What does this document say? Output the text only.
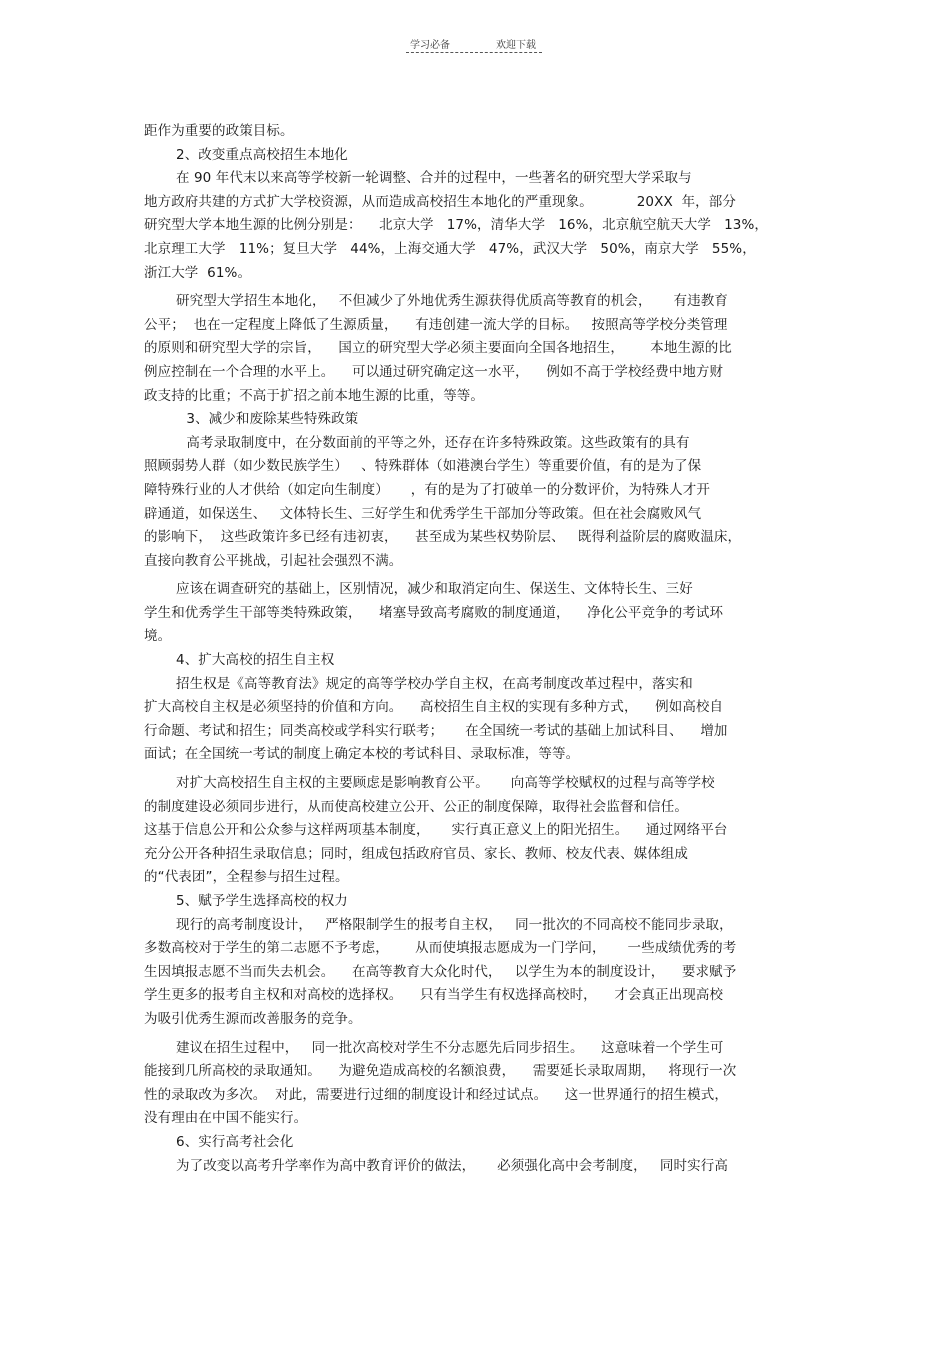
学习必备	欢迎下载
距作为重要的政策目标。
2、改变重点高校招生本地化
在 90 年代末以来高等学校新一轮调整、合并的过程中，一些著名的研究型大学采取与
地方政府共建的方式扩大学校资源，从而造成高校招生本地化的严重现象。          20XX  年，部分
研究型大学本地生源的比例分别是：    北京大学   17%，清华大学   16%，北京航空航天大学   13%，
北京理工大学   11%；复旦大学   44%，上海交通大学   47%，武汉大学   50%，南京大学   55%，
浙江大学  61%。
研究型大学招生本地化，   不但减少了外地优秀生源获得优质高等教育的机会，     有违教育
公平；  也在一定程度上降低了生源质量，    有违创建一流大学的目标。   按照高等学校分类管理
的原则和研究型大学的宗旨，    国立的研究型大学必须主要面向全国各地招生，      本地生源的比
例应控制在一个合理的水平上。    可以通过研究确定这一水平，    例如不高于学校经费中地方财
政支持的比重；不高于扩招之前本地生源的比重，等等。
3、减少和废除某些特殊政策
高考录取制度中，在分数面前的平等之外，还存在许多特殊政策。这些政策有的具有
照顾弱势人群（如少数民族学生）   、特殊群体（如港澳台学生）等重要价值，有的是为了保
障特殊行业的人才供给（如定向生制度）     ，有的是为了打破单一的分数评价，为特殊人才开
辟通道，如保送生、   文体特长生、三好学生和优秀学生干部加分等政策。但在社会腐败风气
的影响下，  这些政策许多已经有违初衷，    甚至成为某些权势阶层、   既得利益阶层的腐败温床，
直接向教育公平挑战，引起社会强烈不满。
应该在调查研究的基础上，区别情况，减少和取消定向生、保送生、文体特长生、三好
学生和优秀学生干部等类特殊政策，    堵塞导致高考腐败的制度通道，    净化公平竞争的考试环
境。
4、扩大高校的招生自主权
招生权是《高等教育法》规定的高等学校办学自主权，在高考制度改革过程中，落实和
扩大高校自主权是必须坚持的价值和方向。    高校招生自主权的实现有多种方式，    例如高校自
行命题、考试和招生；同类高校或学科实行联考；     在全国统一考试的基础上加试科目、    增加
面试；在全国统一考试的制度上确定本校的考试科目、录取标准，等等。
对扩大高校招生自主权的主要顾虑是影响教育公平。     向高等学校赋权的过程与高等学校
的制度建设必须同步进行，从而使高校建立公开、公正的制度保障，取得社会监督和信任。
这基于信息公开和公众参与这样两项基本制度，     实行真正意义上的阳光招生。    通过网络平台
充分公开各种招生录取信息；同时，组成包括政府官员、家长、教师、校友代表、媒体组成
的“代表团”，全程参与招生过程。
5、赋予学生选择高校的权力
现行的高考制度设计，   严格限制学生的报考自主权，   同一批次的不同高校不能同步录取，
多数高校对于学生的第二志愿不予考虑，      从而使填报志愿成为一门学问，     一些成绩优秀的考
生因填报志愿不当而失去机会。    在高等教育大众化时代，   以学生为本的制度设计，    要求赋予
学生更多的报考自主权和对高校的选择权。    只有当学生有权选择高校时，    才会真正出现高校
为吸引优秀生源而改善服务的竞争。
建议在招生过程中，   同一批次高校对学生不分志愿先后同步招生。    这意味着一个学生可
能接到几所高校的录取通知。    为避免造成高校的名额浪费，    需要延长录取周期，   将现行一次
性的录取改为多次。  对此，需要进行过细的制度设计和经过试点。    这一世界通行的招生模式，
没有理由在中国不能实行。
6、实行高考社会化
为了改变以高考升学率作为高中教育评价的做法，     必须强化高中会考制度，   同时实行高
